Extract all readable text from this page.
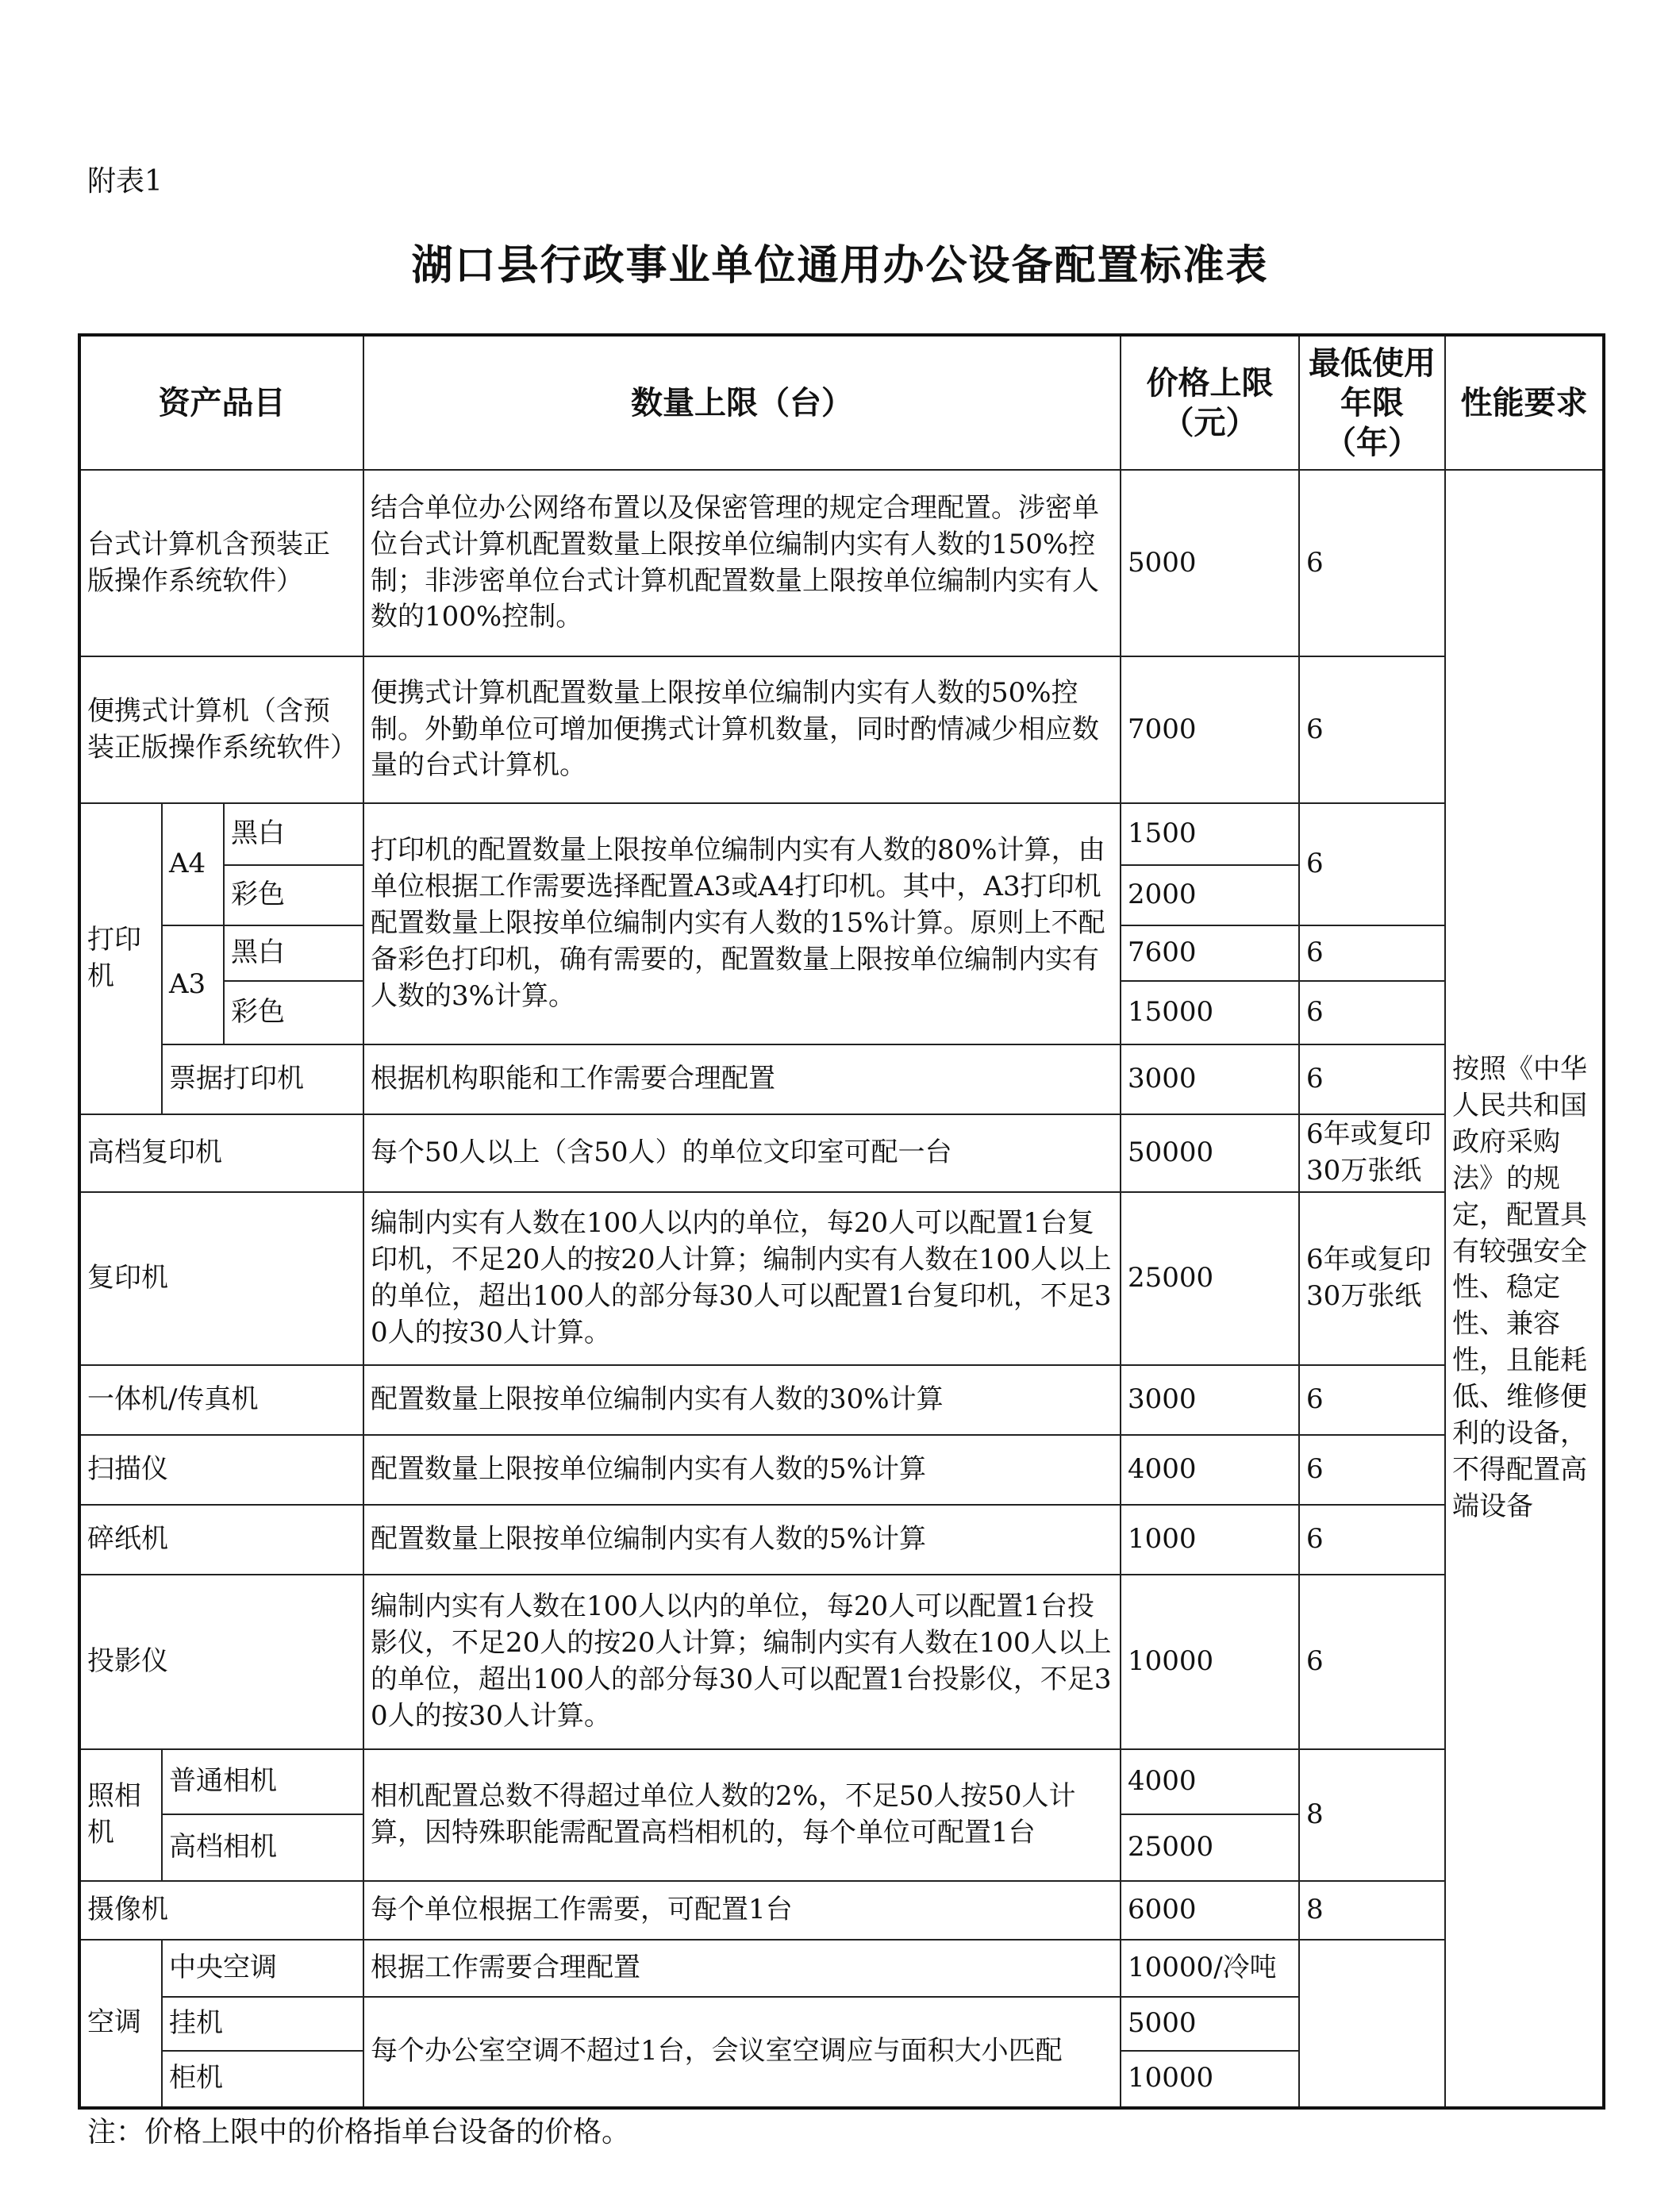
附表1
湖口县行政事业单位通用办公设备配置标准表
资产品目			数量上限（台）	价格上限（元）	最低使用年限（年）	性能要求
台式计算机含预装正版操作系统软件）			结合单位办公网络布置以及保密管理的规定合理配置。涉密单位台式计算机配置数量上限按单位编制内实有人数的150%控制；非涉密单位台式计算机配置数量上限按单位编制内实有人数的100%控制。	5000	6	按照《中华人民共和国政府采购法》的规定，配置具有较强安全性、稳定性、兼容性，且能耗低、维修便利的设备，不得配置高端设备
便携式计算机（含预装正版操作系统软件）			便携式计算机配置数量上限按单位编制内实有人数的50%控制。外勤单位可增加便携式计算机数量，同时酌情减少相应数量的台式计算机。	7000	6	
打印机	A4	黑白	打印机的配置数量上限按单位编制内实有人数的80%计算，由单位根据工作需要选择配置A3或A4打印机。其中，A3打印机配置数量上限按单位编制内实有人数的15%计算。原则上不配备彩色打印机，确有需要的，配置数量上限按单位编制内实有人数的3%计算。	1500	6	
		彩色		2000		
	A3	黑白		7600	6	
		彩色		15000	6	
	票据打印机		根据机构职能和工作需要合理配置	3000	6	
高档复印机			每个50人以上（含50人）的单位文印室可配一台	50000	6年或复印30万张纸	
复印机			编制内实有人数在100人以内的单位，每20人可以配置1台复印机，不足20人的按20人计算；编制内实有人数在100人以上的单位，超出100人的部分每30人可以配置1台复印机，不足30人的按30人计算。	25000	6年或复印30万张纸	
一体机/传真机			配置数量上限按单位编制内实有人数的30%计算	3000	6	
扫描仪			配置数量上限按单位编制内实有人数的5%计算	4000	6	
碎纸机			配置数量上限按单位编制内实有人数的5%计算	1000	6	
投影仪			编制内实有人数在100人以内的单位，每20人可以配置1台投影仪，不足20人的按20人计算；编制内实有人数在100人以上的单位，超出100人的部分每30人可以配置1台投影仪，不足30人的按30人计算。	10000	6	
照相机	普通相机		相机配置总数不得超过单位人数的2%，不足50人按50人计算，因特殊职能需配置高档相机的，每个单位可配置1台	4000	8	
	高档相机			25000		
摄像机			每个单位根据工作需要，可配置1台	6000	8	
空调	中央空调		根据工作需要合理配置	10000/冷吨		
	挂机		每个办公室空调不超过1台，会议室空调应与面积大小匹配	5000		
	柜机			10000		
注：价格上限中的价格指单台设备的价格。
